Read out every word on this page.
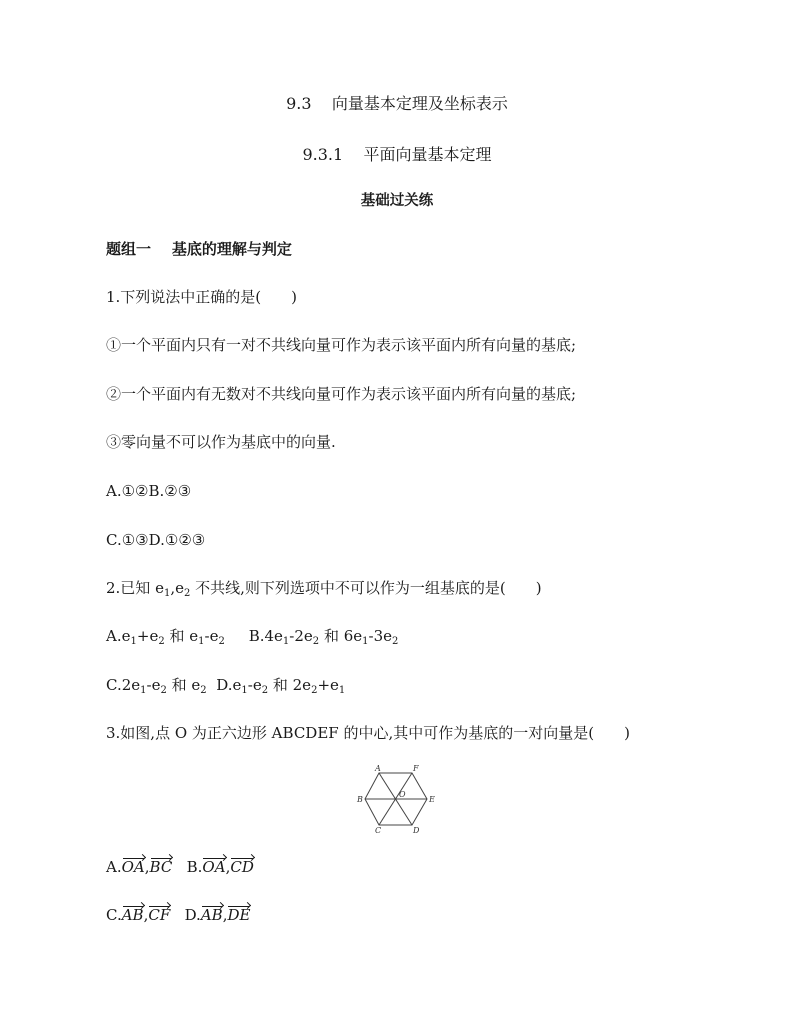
9.3 向量基本定理及坐标表示
9.3.1 平面向量基本定理
基础过关练
题组一 基底的理解与判定
1.下列说法中正确的是(　　)
①一个平面内只有一对不共线向量可作为表示该平面内所有向量的基底;
②一个平面内有无数对不共线向量可作为表示该平面内所有向量的基底;
③零向量不可以作为基底中的向量.
A.①②B.②③
C.①③D.①②③
2.已知 $e_1,e_2$ 不共线,则下列选项中不可以作为一组基底的是(　　)
$A.e_1+e_2$ 和 $e_1-e_2$ $B.4e_1-2e_2$ 和 $6e_1-3e_2$
$C.2e_1-e_2$ 和 $e_2$ $D.e_1-e_2$ 和 $2e_2+e_1$
3.如图,点 O 为正六边形 ABCDEF 的中心,其中可作为基底的一对向量是(　　)
A	F
B	E
C	D
O
A.OA,BC B.OA,CD
C.AB,CF D.AB,DE
